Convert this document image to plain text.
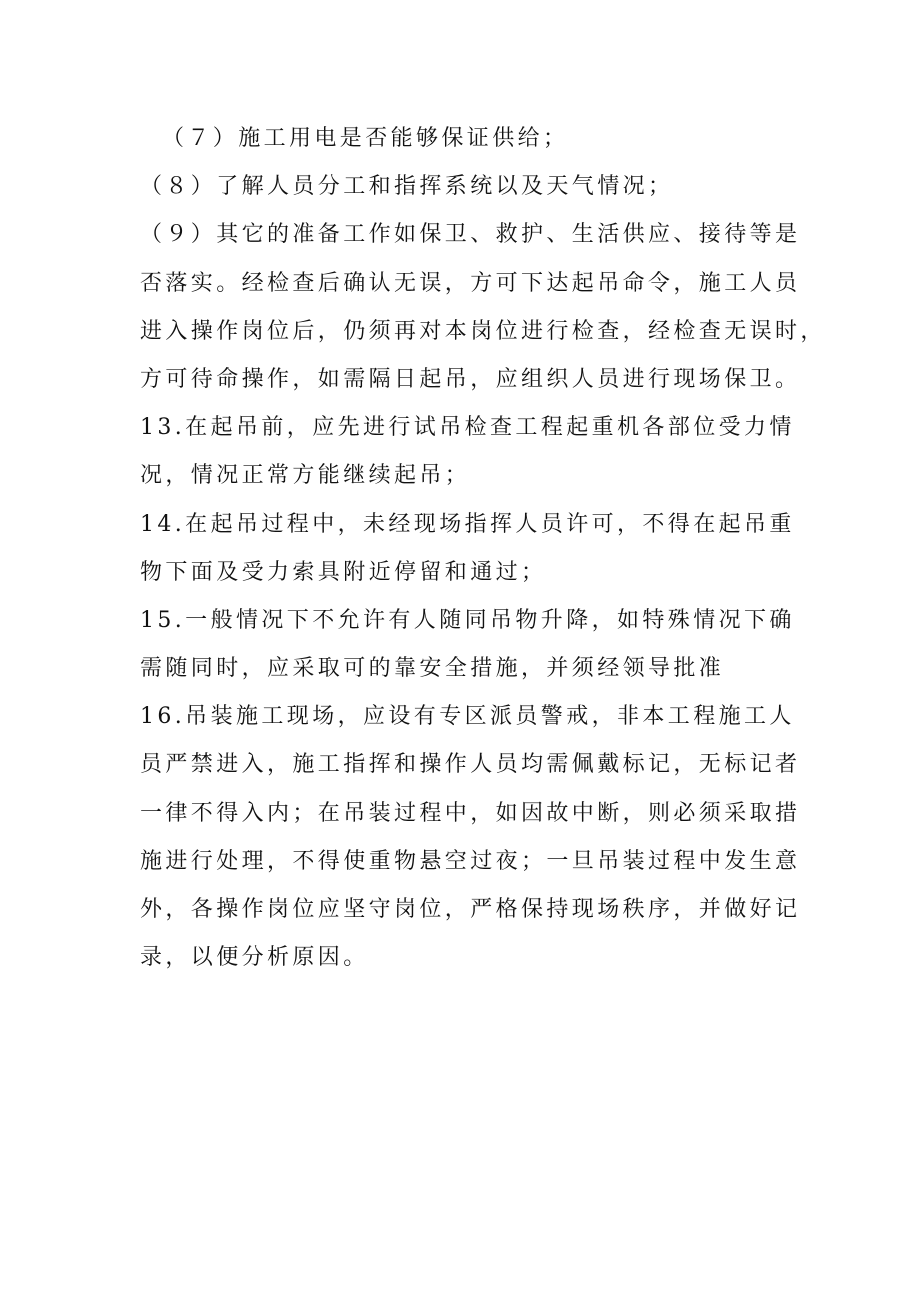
（７）施工用电是否能够保证供给；
（８）了解人员分工和指挥系统以及天气情况；
（９）其它的准备工作如保卫、救护、生活供应、接待等是
否落实。经检查后确认无误，方可下达起吊命令，施工人员
进入操作岗位后，仍须再对本岗位进行检查，经检查无误时，
方可待命操作，如需隔日起吊，应组织人员进行现场保卫。
13.在起吊前，应先进行试吊检查工程起重机各部位受力情
况，情况正常方能继续起吊；
14.在起吊过程中，未经现场指挥人员许可，不得在起吊重
物下面及受力索具附近停留和通过；
15.一般情况下不允许有人随同吊物升降，如特殊情况下确
需随同时，应采取可的靠安全措施，并须经领导批准
16.吊装施工现场，应设有专区派员警戒，非本工程施工人
员严禁进入，施工指挥和操作人员均需佩戴标记，无标记者
一律不得入内；在吊装过程中，如因故中断，则必须采取措
施进行处理，不得使重物悬空过夜；一旦吊装过程中发生意
外，各操作岗位应坚守岗位，严格保持现场秩序，并做好记
录，以便分析原因。
